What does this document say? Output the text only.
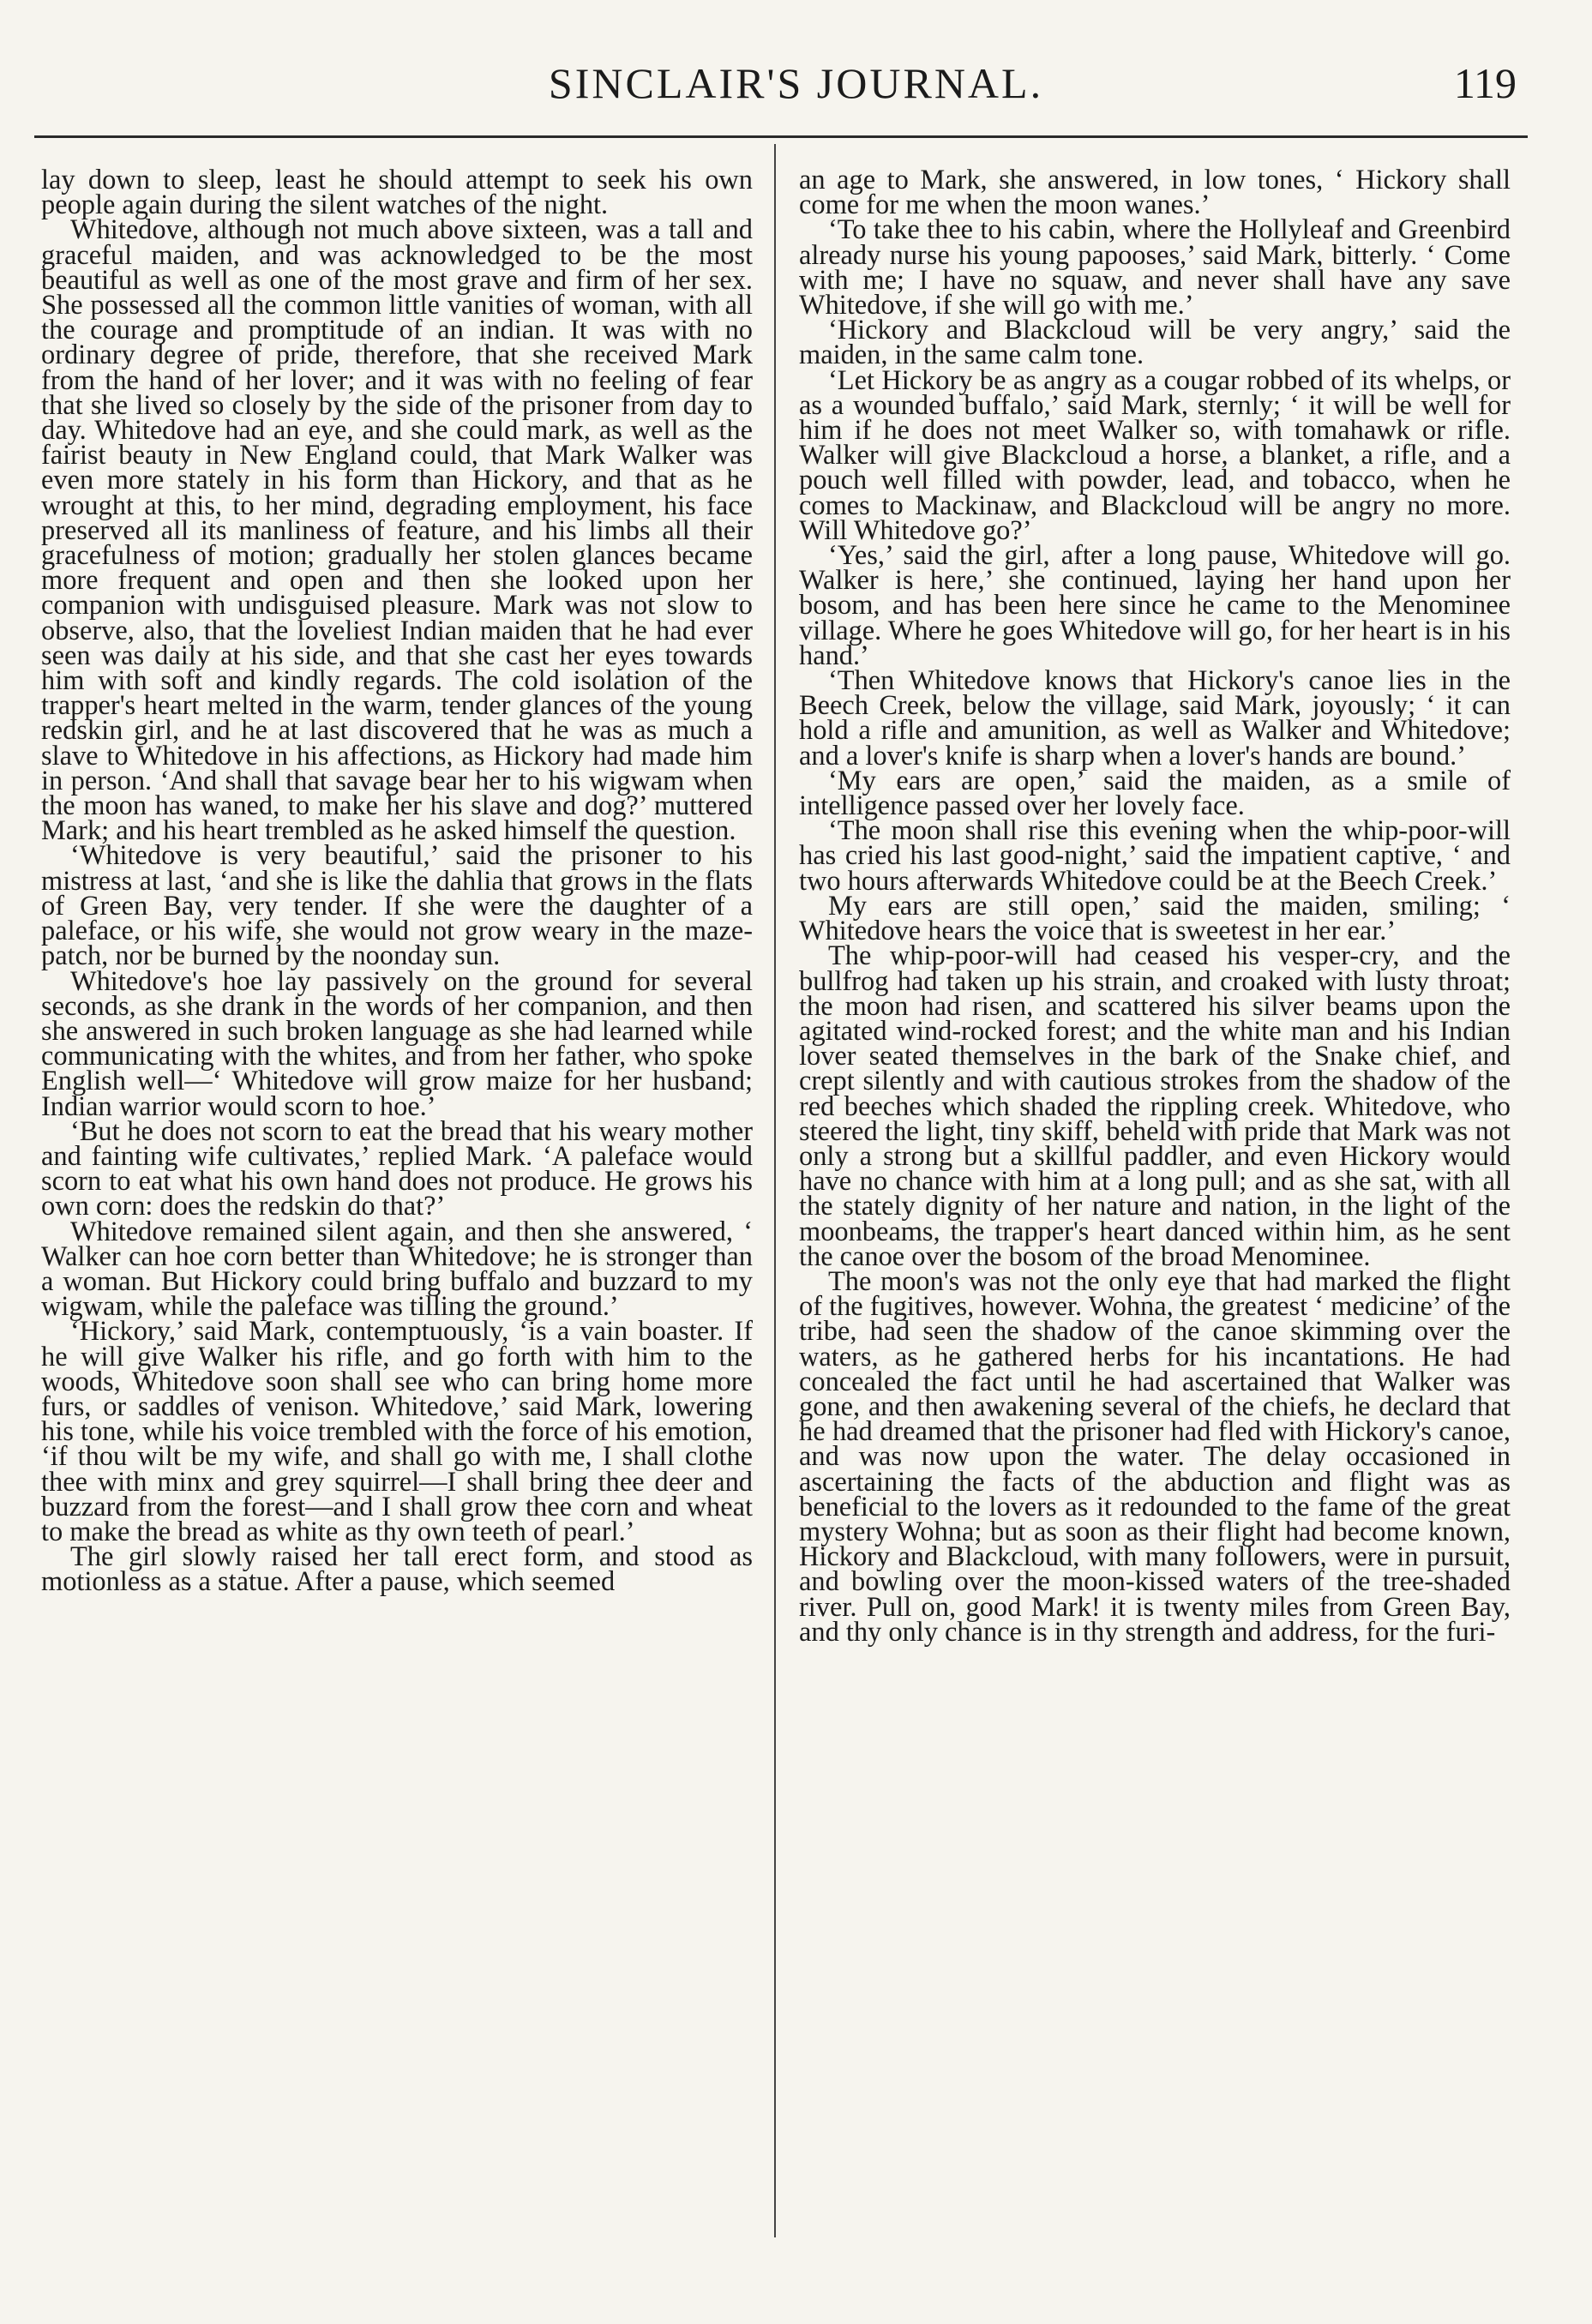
SINCLAIR'S JOURNAL.	119

lay down to sleep, least he should attempt to seek his own people again during the silent watches of the night.

Whitedove, although not much above sixteen, was a tall and graceful maiden, and was acknowledged to be the most beautiful as well as one of the most grave and firm of her sex. She possessed all the common little vanities of woman, with all the courage and promptitude of an indian. It was with no ordinary degree of pride, therefore, that she received Mark from the hand of her lover; and it was with no feeling of fear that she lived so closely by the side of the prisoner from day to day. Whitedove had an eye, and she could mark, as well as the fairist beauty in New England could, that Mark Walker was even more stately in his form than Hickory, and that as he wrought at this, to her mind, degrading employment, his face preserved all its manliness of feature, and his limbs all their gracefulness of motion; gradually her stolen glances became more frequent and open and then she looked upon her companion with undisguised pleasure. Mark was not slow to observe, also, that the loveliest Indian maiden that he had ever seen was daily at his side, and that she cast her eyes towards him with soft and kindly regards. The cold isolation of the trapper's heart melted in the warm, tender glances of the young redskin girl, and he at last discovered that he was as much a slave to Whitedove in his affections, as Hickory had made him in person. ‘And shall that savage bear her to his wigwam when the moon has waned, to make her his slave and dog?’ muttered Mark; and his heart trembled as he asked himself the question.

‘Whitedove is very beautiful,’ said the prisoner to his mistress at last, ‘and she is like the dahlia that grows in the flats of Green Bay, very tender. If she were the daughter of a paleface, or his wife, she would not grow weary in the maze-patch, nor be burned by the noonday sun.

Whitedove's hoe lay passively on the ground for several seconds, as she drank in the words of her companion, and then she answered in such broken language as she had learned while communicating with the whites, and from her father, who spoke English well—‘ Whitedove will grow maize for her husband; Indian warrior would scorn to hoe.’

‘But he does not scorn to eat the bread that his weary mother and fainting wife cultivates,’ replied Mark. ‘A paleface would scorn to eat what his own hand does not produce. He grows his own corn: does the redskin do that?’

Whitedove remained silent again, and then she answered, ‘ Walker can hoe corn better than Whitedove; he is stronger than a woman. But Hickory could bring buffalo and buzzard to my wigwam, while the paleface was tilling the ground.’

‘Hickory,’ said Mark, contemptuously, ‘is a vain boaster. If he will give Walker his rifle, and go forth with him to the woods, Whitedove soon shall see who can bring home more furs, or saddles of venison. Whitedove,’ said Mark, lowering his tone, while his voice trembled with the force of his emotion, ‘if thou wilt be my wife, and shall go with me, I shall clothe thee with minx and grey squirrel—I shall bring thee deer and buzzard from the forest—and I shall grow thee corn and wheat to make the bread as white as thy own teeth of pearl.’

The girl slowly raised her tall erect form, and stood as motionless as a statue. After a pause, which seemed

an age to Mark, she answered, in low tones, ‘ Hickory shall come for me when the moon wanes.’

‘To take thee to his cabin, where the Hollyleaf and Greenbird already nurse his young papooses,’ said Mark, bitterly. ‘ Come with me; I have no squaw, and never shall have any save Whitedove, if she will go with me.’

‘Hickory and Blackcloud will be very angry,’ said the maiden, in the same calm tone.

‘Let Hickory be as angry as a cougar robbed of its whelps, or as a wounded buffalo,’ said Mark, sternly; ‘ it will be well for him if he does not meet Walker so, with tomahawk or rifle. Walker will give Blackcloud a horse, a blanket, a rifle, and a pouch well filled with powder, lead, and tobacco, when he comes to Mackinaw, and Blackcloud will be angry no more. Will Whitedove go?’

‘Yes,’ said the girl, after a long pause, Whitedove will go. Walker is here,’ she continued, laying her hand upon her bosom, and has been here since he came to the Menominee village. Where he goes Whitedove will go, for her heart is in his hand.’

‘Then Whitedove knows that Hickory's canoe lies in the Beech Creek, below the village, said Mark, joyously; ‘ it can hold a rifle and amunition, as well as Walker and Whitedove; and a lover's knife is sharp when a lover's hands are bound.’

‘My ears are open,’ said the maiden, as a smile of intelligence passed over her lovely face.

‘The moon shall rise this evening when the whip-poor-will has cried his last good-night,’ said the impatient captive, ‘ and two hours afterwards Whitedove could be at the Beech Creek.’

My ears are still open,’ said the maiden, smiling; ‘ Whitedove hears the voice that is sweetest in her ear.’

The whip-poor-will had ceased his vesper-cry, and the bullfrog had taken up his strain, and croaked with lusty throat; the moon had risen, and scattered his silver beams upon the agitated wind-rocked forest; and the white man and his Indian lover seated themselves in the bark of the Snake chief, and crept silently and with cautious strokes from the shadow of the red beeches which shaded the rippling creek. Whitedove, who steered the light, tiny skiff, beheld with pride that Mark was not only a strong but a skillful paddler, and even Hickory would have no chance with him at a long pull; and as she sat, with all the stately dignity of her nature and nation, in the light of the moonbeams, the trapper's heart danced within him, as he sent the canoe over the bosom of the broad Menominee.

The moon's was not the only eye that had marked the flight of the fugitives, however. Wohna, the greatest ‘ medicine’ of the tribe, had seen the shadow of the canoe skimming over the waters, as he gathered herbs for his incantations. He had concealed the fact until he had ascertained that Walker was gone, and then awakening several of the chiefs, he declard that he had dreamed that the prisoner had fled with Hickory's canoe, and was now upon the water. The delay occasioned in ascertaining the facts of the abduction and flight was as beneficial to the lovers as it redounded to the fame of the great mystery Wohna; but as soon as their flight had become known, Hickory and Blackcloud, with many followers, were in pursuit, and bowling over the moon-kissed waters of the tree-shaded river. Pull on, good Mark! it is twenty miles from Green Bay, and thy only chance is in thy strength and address, for the furi-
